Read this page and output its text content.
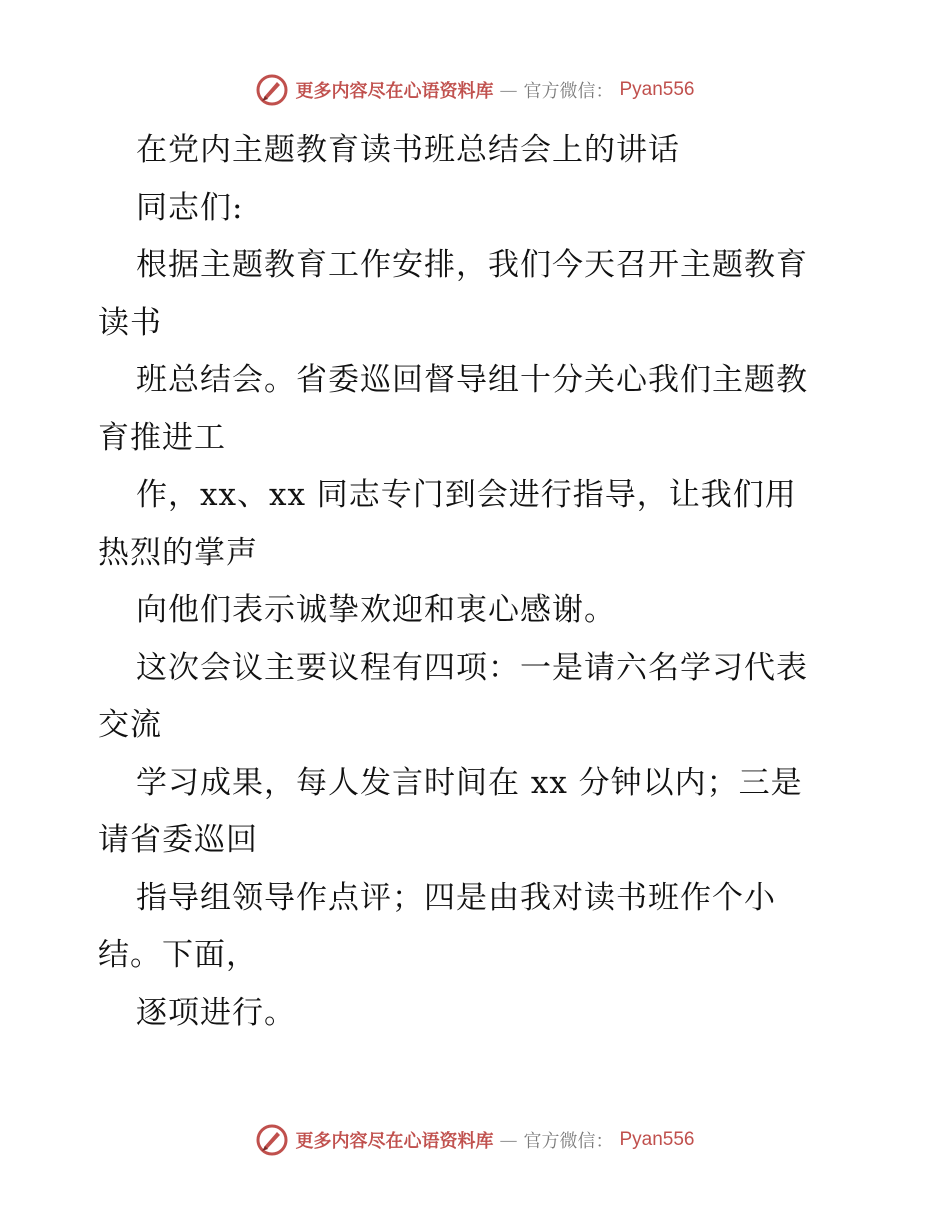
更多内容尽在心语资料库 — 官方微信： Pyan556
在党内主题教育读书班总结会上的讲话
同志们:
根据主题教育工作安排，我们今天召开主题教育
读书
班总结会。省委巡回督导组十分关心我们主题教
育推进工
作，xx、xx 同志专门到会进行指导，让我们用
热烈的掌声
向他们表示诚挚欢迎和衷心感谢。
这次会议主要议程有四项：一是请六名学习代表
交流
学习成果，每人发言时间在 xx 分钟以内；三是
请省委巡回
指导组领导作点评；四是由我对读书班作个小
结。下面，
逐项进行。
更多内容尽在心语资料库 — 官方微信： Pyan556
